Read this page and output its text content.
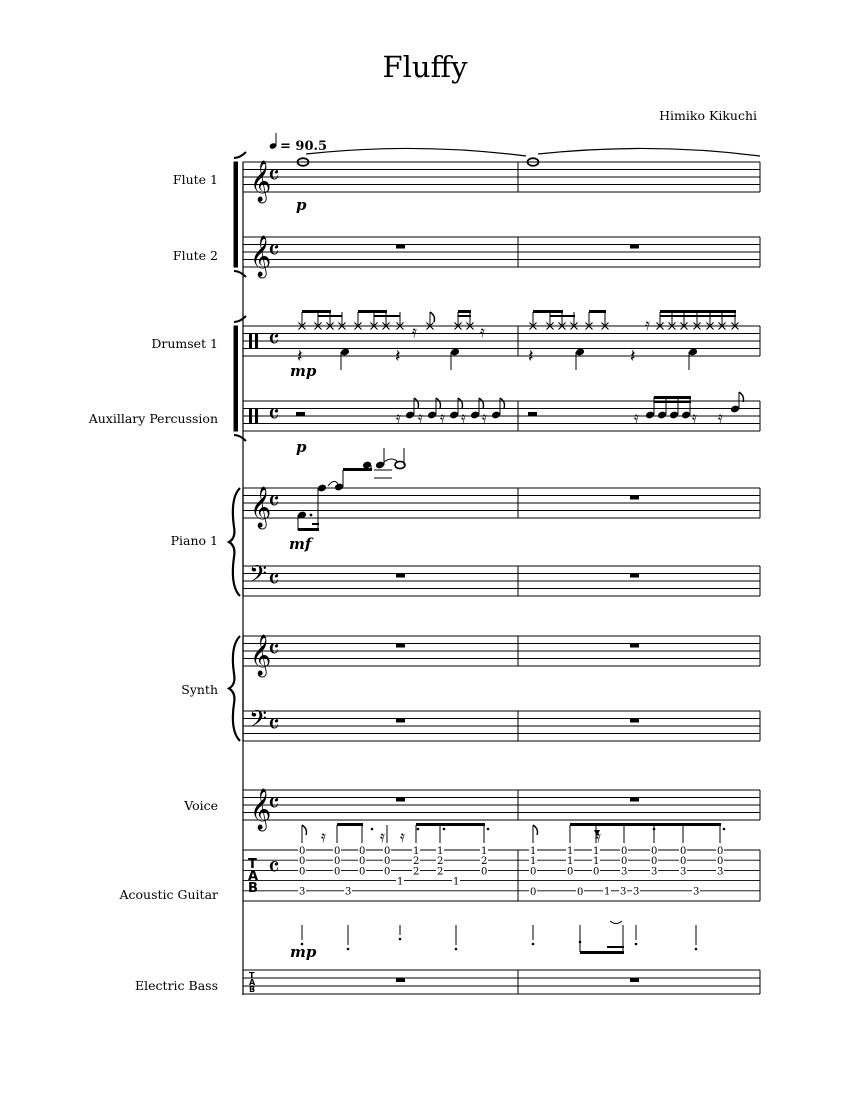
Fluffy
Himiko Kikuchi
Flute 1
Flute 2
Drumset 1
Auxillary Percussion
Piano 1
Synth
Voice
Acoustic Guitar
Electric Bass
𝄞
𝄴
𝄞
𝄴
p
= 90.5
𝄴
𝄴
𝄿	𝄿	𝄿
𝄽	𝄽	𝄽	𝄽
mp
𝄿 𝄿 𝄿 𝄿 𝄿	𝄿	𝄿 𝄿
p
𝄞
𝄴
𝄢 𝄴
mf
𝄞
𝄴
𝄢 𝄴
𝄞
𝄴
T
A
B
𝄴
0
0
0
0
0
0
0
0
0
0
0
0
1
2
2
1
2
2
1
2
0
3	3
1	1
1
1
0
1
1
0
1
1
0
0
0
3
0
0
3
0
0
3
0
0
3
0	0 1 3 3	3
𝄿	𝄿 𝄿	𝄿
mp
T
A
B
